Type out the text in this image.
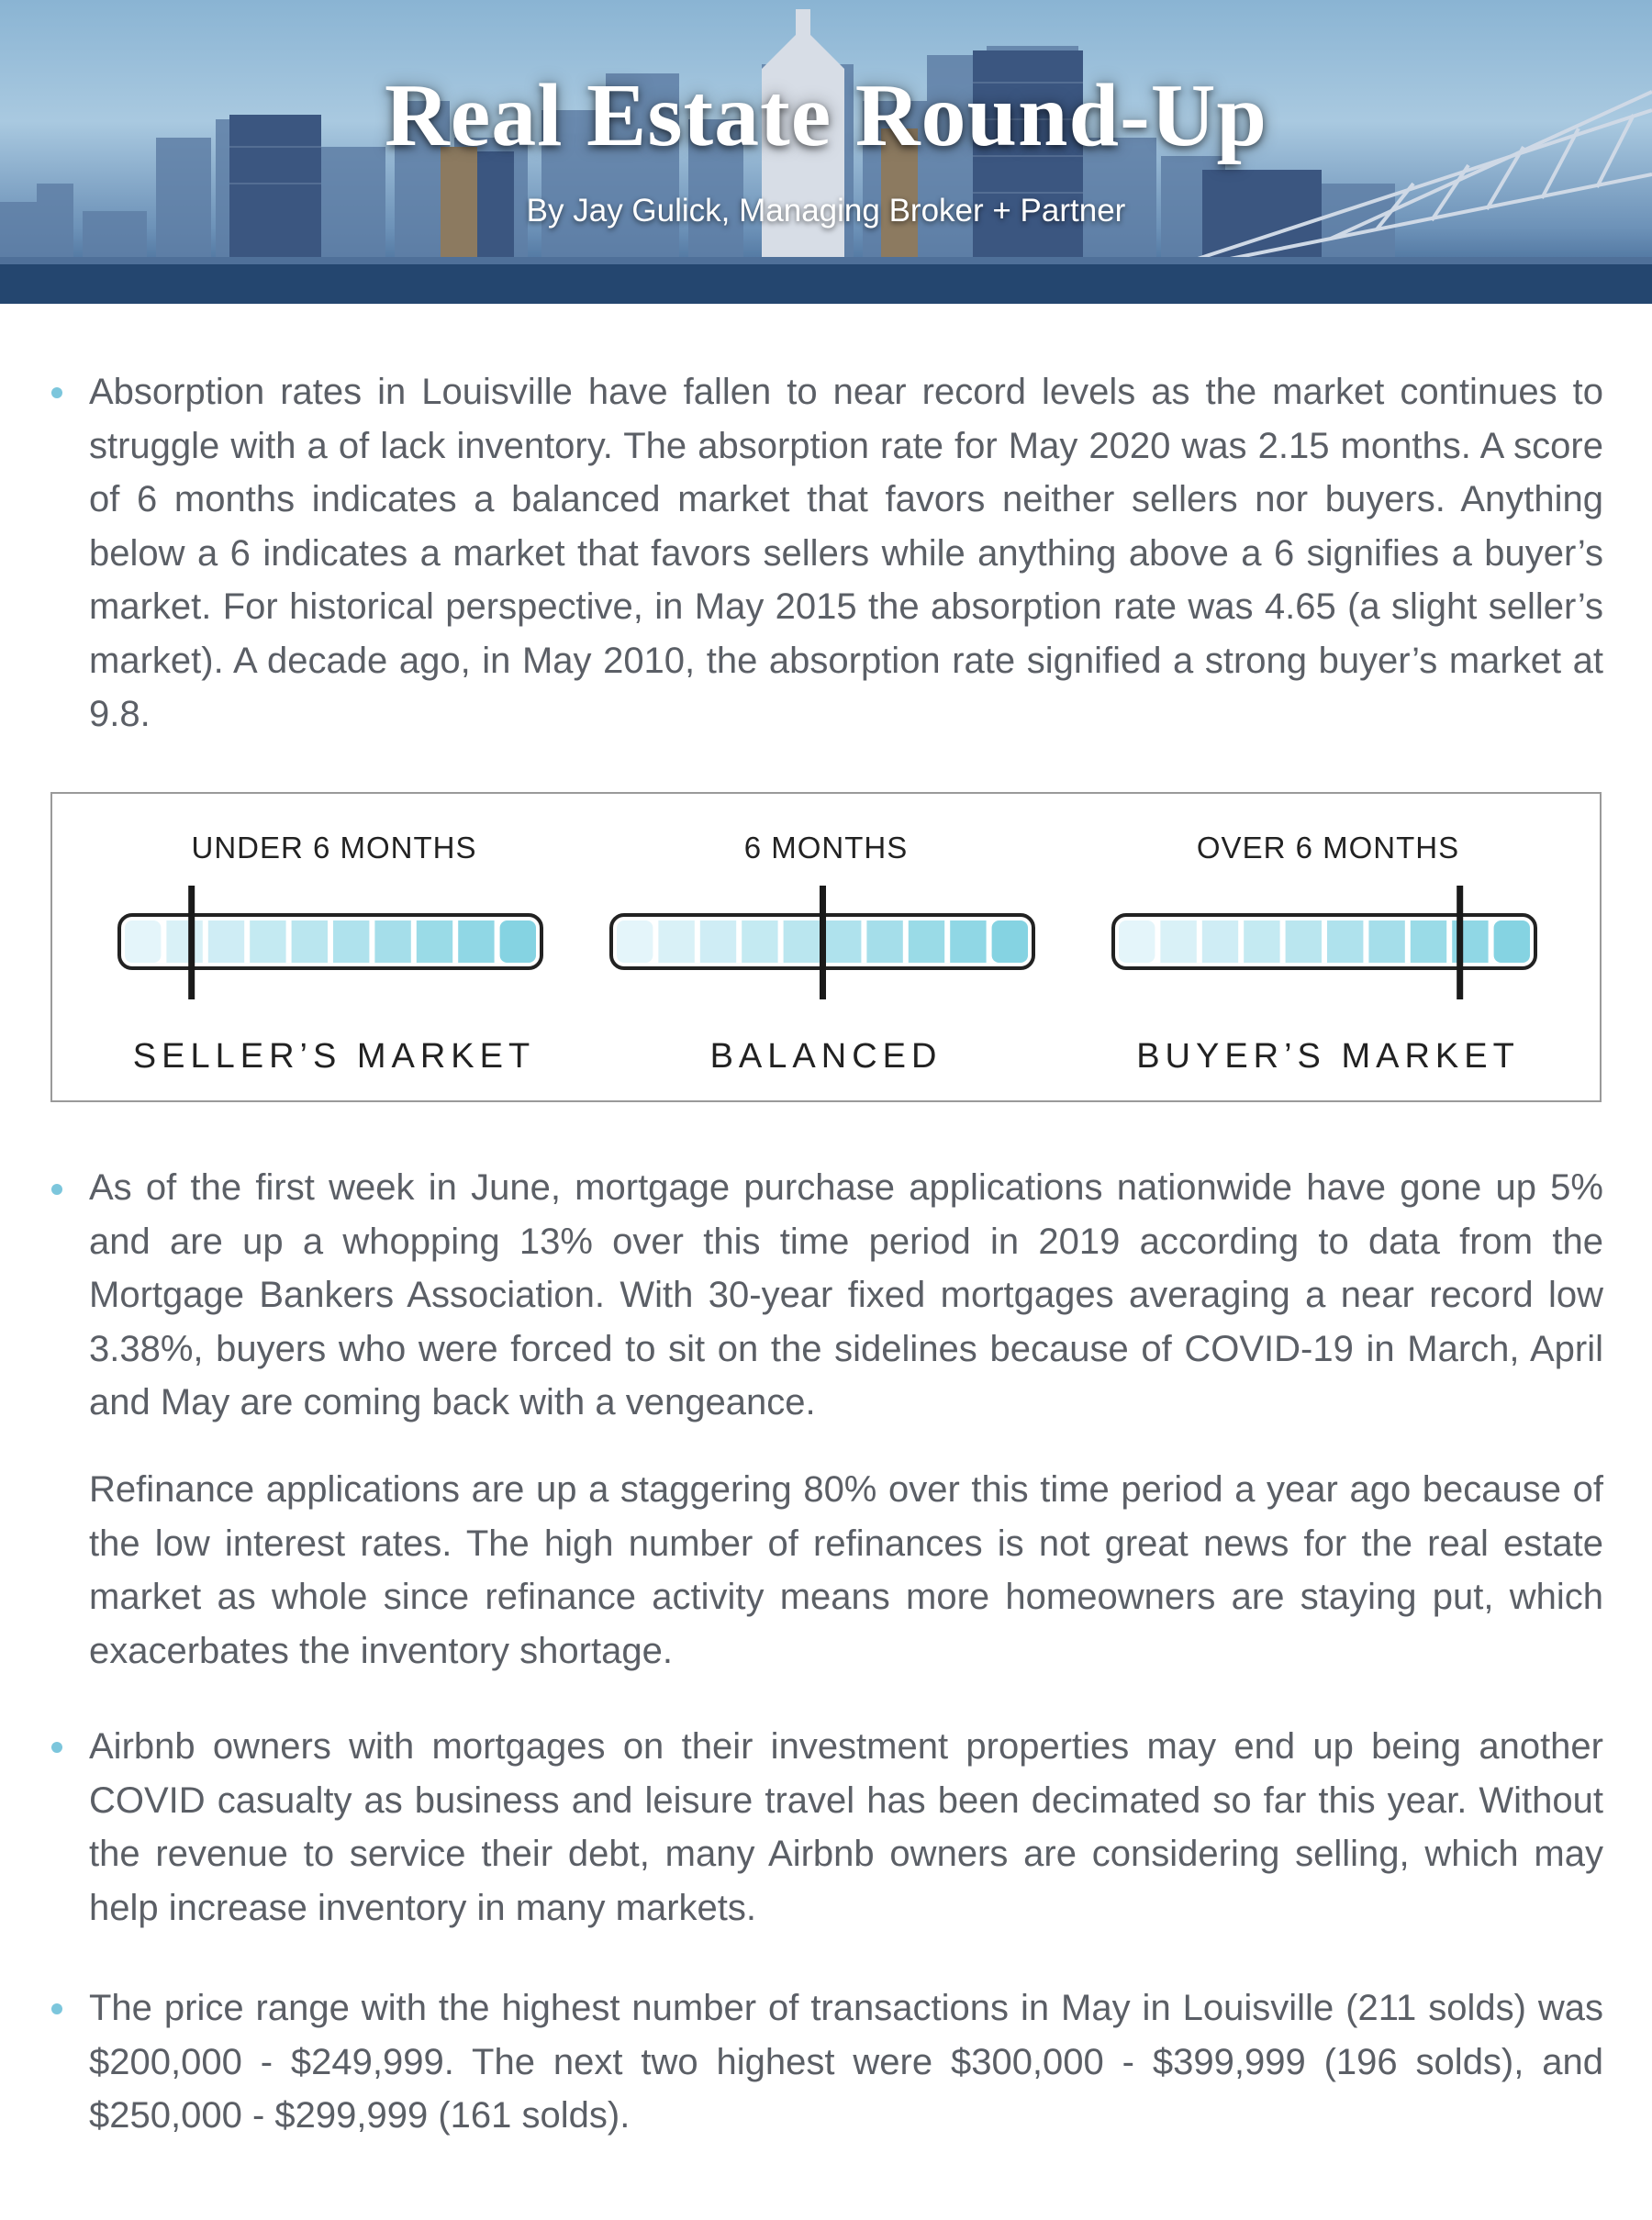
Real Estate Round-Up
By Jay Gulick, Managing Broker + Partner

Absorption rates in Louisville have fallen to near record levels as the market continues to struggle with a of lack inventory. The absorption rate for May 2020 was 2.15 months. A score of 6 months indicates a balanced market that favors neither sellers nor buyers. Anything below a 6 indicates a market that favors sellers while anything above a 6 signifies a buyer’s market. For historical perspective, in May 2015 the absorption rate was 4.65 (a slight seller’s market). A decade ago, in May 2010, the absorption rate signified a strong buyer’s market at 9.8.

UNDER 6 MONTHS
SELLER’S MARKET
6 MONTHS
BALANCED
OVER 6 MONTHS
BUYER’S MARKET

As of the first week in June, mortgage purchase applications nationwide have gone up 5% and are up a whopping 13% over this time period in 2019 according to data from the Mortgage Bankers Association. With 30-year fixed mortgages averaging a near record low 3.38%, buyers who were forced to sit on the sidelines because of COVID-19 in March, April and May are coming back with a vengeance.

Refinance applications are up a staggering 80% over this time period a year ago because of the low interest rates. The high number of refinances is not great news for the real estate market as whole since refinance activity means more homeowners are staying put, which exacerbates the inventory shortage.

Airbnb owners with mortgages on their investment properties may end up being another COVID casualty as business and leisure travel has been decimated so far this year. Without the revenue to service their debt, many Airbnb owners are considering selling, which may help increase inventory in many markets.

The price range with the highest number of transactions in May in Louisville (211 solds) was $200,000 - $249,999. The next two highest were $300,000 - $399,999 (196 solds), and $250,000 - $299,999 (161 solds).
